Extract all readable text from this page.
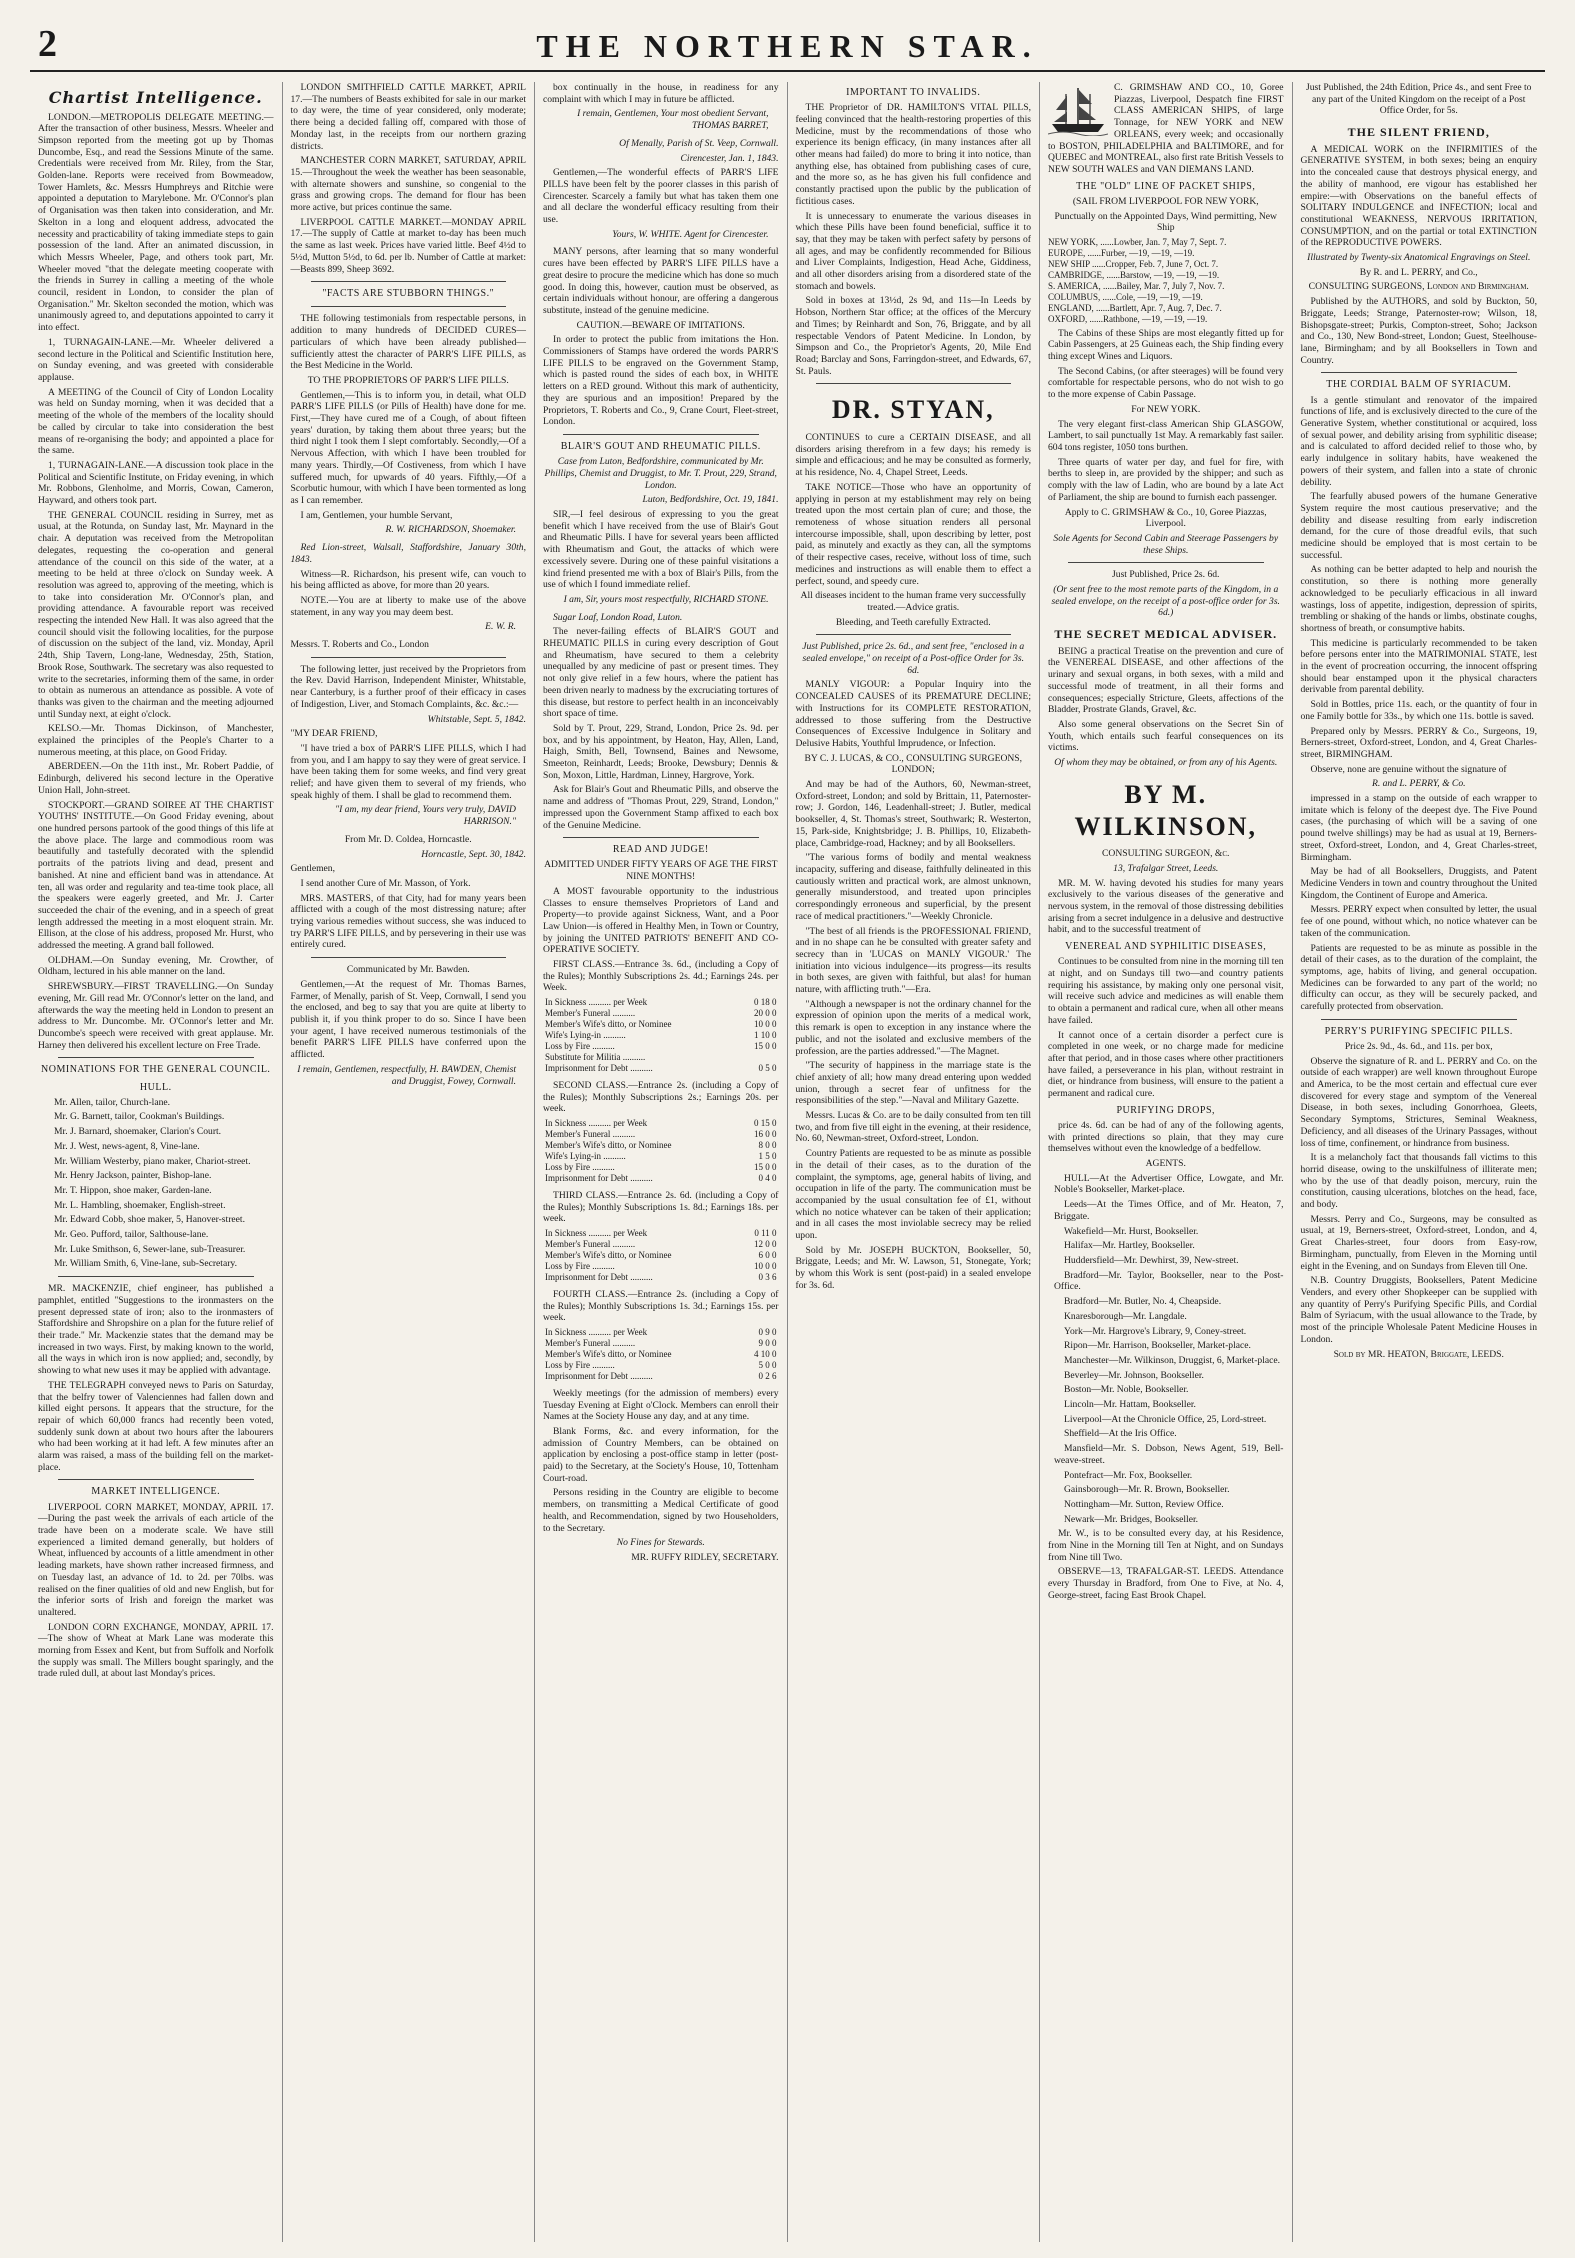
2	THE NORTHERN STAR.
Chartist Intelligence.

LONDON.—METROPOLIS DELEGATE MEETING.—After the transaction of other business, Messrs. Wheeler and Simpson reported from the meeting got up by Thomas Duncombe, Esq., and read the Sessions Minute of the same. Credentials were received from Mr. Riley, from the Star, Golden-lane. Reports were received from Bowmeadow, Tower Hamlets, &c. Messrs Humphreys and Ritchie were appointed a deputation to Marylebone. Mr. O'Connor's plan of Organisation was then taken into consideration, and Mr. Skelton in a long and eloquent address, advocated the necessity and practicability of taking immediate steps to gain possession of the land. After an animated discussion, in which Messrs Wheeler, Page, and others took part, Mr. Wheeler moved "that the delegate meeting cooperate with the friends in Surrey in calling a meeting of the whole council, resident in London, to consider the plan of Organisation." Mr. Skelton seconded the motion, which was unanimously agreed to, and deputations appointed to carry it into effect.

1, TURNAGAIN-LANE.—Mr. Wheeler delivered a second lecture in the Political and Scientific Institution here, on Sunday evening, and was greeted with considerable applause.

A MEETING of the Council of City of London Locality was held on Sunday morning, when it was decided that a meeting of the whole of the members of the locality should be called by circular to take into consideration the best means of re-organising the body; and appointed a place for the same.

1, TURNAGAIN-LANE.—A discussion took place in the Political and Scientific Institute, on Friday evening, in which Mr. Robbons, Glenholme, and Morris, Cowan, Cameron, Hayward, and others took part.

THE GENERAL COUNCIL residing in Surrey, met as usual, at the Rotunda, on Sunday last, Mr. Maynard in the chair. A deputation was received from the Metropolitan delegates, requesting the co-operation and general attendance of the council on this side of the water, at a meeting to be held at three o'clock on Sunday week. A resolution was agreed to, approving of the meeting, which is to take into consideration Mr. O'Connor's plan, and providing attendance. A favourable report was received respecting the intended New Hall. It was also agreed that the council should visit the following localities, for the purpose of discussion on the subject of the land, viz. Monday, April 24th, Ship Tavern, Long-lane, Wednesday, 25th, Station, Brook Rose, Southwark. The secretary was also requested to write to the secretaries, informing them of the same, in order to obtain as numerous an attendance as possible. A vote of thanks was given to the chairman and the meeting adjourned until Sunday next, at eight o'clock.

KELSO.—Mr. Thomas Dickinson, of Manchester, explained the principles of the People's Charter to a numerous meeting, at this place, on Good Friday.

ABERDEEN.—On the 11th inst., Mr. Robert Paddie, of Edinburgh, delivered his second lecture in the Operative Union Hall, John-street.

STOCKPORT.—GRAND SOIREE AT THE CHARTIST YOUTHS' INSTITUTE.—On Good Friday evening, about one hundred persons partook of the good things of this life at the above place. The large and commodious room was beautifully and tastefully decorated with the splendid portraits of the patriots living and dead, present and banished. At nine and efficient band was in attendance. At ten, all was order and regularity and tea-time took place, all the speakers were eagerly greeted, and Mr. J. Carter succeeded the chair of the evening, and in a speech of great length addressed the meeting in a most eloquent strain. Mr. Ellison, at the close of his address, proposed Mr. Hurst, who addressed the meeting. A grand ball followed.

OLDHAM.—On Sunday evening, Mr. Crowther, of Oldham, lectured in his able manner on the land.

SHREWSBURY.—FIRST TRAVELLING.—On Sunday evening, Mr. Gill read Mr. O'Connor's letter on the land, and afterwards the way the meeting held in London to present an address to Mr. Duncombe. Mr. O'Connor's letter and Mr. Duncombe's speech were received with great applause. Mr. Harney then delivered his excellent lecture on Free Trade.

NOMINATIONS FOR THE GENERAL COUNCIL.
HULL.

Mr. Allen, tailor, Church-lane.

Mr. G. Barnett, tailor, Cookman's Buildings.

Mr. J. Barnard, shoemaker, Clarion's Court.

Mr. J. West, news-agent, 8, Vine-lane.

Mr. William Westerby, piano maker, Chariot-street.

Mr. Henry Jackson, painter, Bishop-lane.

Mr. T. Hippon, shoe maker, Garden-lane.

Mr. L. Hambling, shoemaker, English-street.

Mr. Edward Cobb, shoe maker, 5, Hanover-street.

Mr. Geo. Pufford, tailor, Salthouse-lane.

Mr. Luke Smithson, 6, Sewer-lane, sub-Treasurer.

Mr. William Smith, 6, Vine-lane, sub-Secretary.

MR. MACKENZIE, chief engineer, has published a pamphlet, entitled "Suggestions to the ironmasters on the present depressed state of iron; also to the ironmasters of Staffordshire and Shropshire on a plan for the future relief of their trade." Mr. Mackenzie states that the demand may be increased in two ways. First, by making known to the world, all the ways in which iron is now applied; and, secondly, by showing to what new uses it may be applied with advantage.

THE TELEGRAPH conveyed news to Paris on Saturday, that the belfry tower of Valenciennes had fallen down and killed eight persons. It appears that the structure, for the repair of which 60,000 francs had recently been voted, suddenly sunk down at about two hours after the labourers who had been working at it had left. A few minutes after an alarm was raised, a mass of the building fell on the market-place.

MARKET INTELLIGENCE.

LIVERPOOL CORN MARKET, MONDAY, APRIL 17.—During the past week the arrivals of each article of the trade have been on a moderate scale. We have still experienced a limited demand generally, but holders of Wheat, influenced by accounts of a little amendment in other leading markets, have shown rather increased firmness, and on Tuesday last, an advance of 1d. to 2d. per 70lbs. was realised on the finer qualities of old and new English, but for the inferior sorts of Irish and foreign the market was unaltered.

LONDON CORN EXCHANGE, MONDAY, APRIL 17.—The show of Wheat at Mark Lane was moderate this morning from Essex and Kent, but from Suffolk and Norfolk the supply was small. The Millers bought sparingly, and the trade ruled dull, at about last Monday's prices.

LONDON SMITHFIELD CATTLE MARKET, APRIL 17.—The numbers of Beasts exhibited for sale in our market to day were, the time of year considered, only moderate; there being a decided falling off, compared with those of Monday last, in the receipts from our northern grazing districts.

MANCHESTER CORN MARKET, SATURDAY, APRIL 15.—Throughout the week the weather has been seasonable, with alternate showers and sunshine, so congenial to the grass and growing crops. The demand for flour has been more active, but prices continue the same.

LIVERPOOL CATTLE MARKET.—MONDAY APRIL 17.—The supply of Cattle at market to-day has been much the same as last week. Prices have varied little. Beef 4½d to 5½d, Mutton 5½d, to 6d. per lb. Number of Cattle at market:—Beasts 899, Sheep 3692.

"FACTS ARE STUBBORN THINGS."

THE following testimonials from respectable persons, in addition to many hundreds of DECIDED CURES—particulars of which have been already published—sufficiently attest the character of PARR'S LIFE PILLS, as the Best Medicine in the World.

TO THE PROPRIETORS OF PARR'S LIFE PILLS.

Gentlemen,—This is to inform you, in detail, what OLD PARR'S LIFE PILLS (or Pills of Health) have done for me. First,—They have cured me of a Cough, of about fifteen years' duration, by taking them about three years; but the third night I took them I slept comfortably. Secondly,—Of a Nervous Affection, with which I have been troubled for many years. Thirdly,—Of Costiveness, from which I have suffered much, for upwards of 40 years. Fifthly,—Of a Scorbutic humour, with which I have been tormented as long as I can remember.

I am, Gentlemen, your humble Servant,

R. W. RICHARDSON, Shoemaker.

Red Lion-street, Walsall, Staffordshire, January 30th, 1843.

Witness—R. Richardson, his present wife, can vouch to his being afflicted as above, for more than 20 years.

NOTE.—You are at liberty to make use of the above statement, in any way you may deem best.

E. W. R.

Messrs. T. Roberts and Co., London

The following letter, just received by the Proprietors from the Rev. David Harrison, Independent Minister, Whitstable, near Canterbury, is a further proof of their efficacy in cases of Indigestion, Liver, and Stomach Complaints, &c. &c.:—

Whitstable, Sept. 5, 1842.

"MY DEAR FRIEND,

"I have tried a box of PARR'S LIFE PILLS, which I had from you, and I am happy to say they were of great service. I have been taking them for some weeks, and find very great relief; and have given them to several of my friends, who speak highly of them. I shall be glad to recommend them.

"I am, my dear friend, Yours very truly, DAVID HARRISON."

From Mr. D. Coldea, Horncastle.

Horncastle, Sept. 30, 1842.

Gentlemen,

I send another Cure of Mr. Masson, of York.

MRS. MASTERS, of that City, had for many years been afflicted with a cough of the most distressing nature; after trying various remedies without success, she was induced to try PARR'S LIFE PILLS, and by persevering in their use was entirely cured.

Communicated by Mr. Bawden.

Gentlemen,—At the request of Mr. Thomas Barnes, Farmer, of Menally, parish of St. Veep, Cornwall, I send you the enclosed, and beg to say that you are quite at liberty to publish it, if you think proper to do so. Since I have been your agent, I have received numerous testimonials of the benefit PARR'S LIFE PILLS have conferred upon the afflicted.

I remain, Gentlemen, respectfully, H. BAWDEN, Chemist and Druggist, Fowey, Cornwall.

box continually in the house, in readiness for any complaint with which I may in future be afflicted.

I remain, Gentlemen, Your most obedient Servant, THOMAS BARRET,

Of Menally, Parish of St. Veep, Cornwall.

Cirencester, Jan. 1, 1843.

Gentlemen,—The wonderful effects of PARR'S LIFE PILLS have been felt by the poorer classes in this parish of Cirencester. Scarcely a family but what has taken them one and all declare the wonderful efficacy resulting from their use.

Yours, W. WHITE. Agent for Cirencester.

MANY persons, after learning that so many wonderful cures have been effected by PARR'S LIFE PILLS have a great desire to procure the medicine which has done so much good. In doing this, however, caution must be observed, as certain individuals without honour, are offering a dangerous substitute, instead of the genuine medicine.

CAUTION.—BEWARE OF IMITATIONS.

In order to protect the public from imitations the Hon. Commissioners of Stamps have ordered the words PARR'S LIFE PILLS to be engraved on the Government Stamp, which is pasted round the sides of each box, in WHITE letters on a RED ground. Without this mark of authenticity, they are spurious and an imposition! Prepared by the Proprietors, T. Roberts and Co., 9, Crane Court, Fleet-street, London.

BLAIR'S GOUT AND RHEUMATIC PILLS.

Case from Luton, Bedfordshire, communicated by Mr. Phillips, Chemist and Druggist, to Mr. T. Prout, 229, Strand, London.

Luton, Bedfordshire, Oct. 19, 1841.

SIR,—I feel desirous of expressing to you the great benefit which I have received from the use of Blair's Gout and Rheumatic Pills. I have for several years been afflicted with Rheumatism and Gout, the attacks of which were excessively severe. During one of these painful visitations a kind friend presented me with a box of Blair's Pills, from the use of which I found immediate relief.

I am, Sir, yours most respectfully, RICHARD STONE.

Sugar Loaf, London Road, Luton.

The never-failing effects of BLAIR'S GOUT and RHEUMATIC PILLS in curing every description of Gout and Rheumatism, have secured to them a celebrity unequalled by any medicine of past or present times. They not only give relief in a few hours, where the patient has been driven nearly to madness by the excruciating tortures of this disease, but restore to perfect health in an inconceivably short space of time.

Sold by T. Prout, 229, Strand, London, Price 2s. 9d. per box, and by his appointment, by Heaton, Hay, Allen, Land, Haigh, Smith, Bell, Townsend, Baines and Newsome, Smeeton, Reinhardt, Leeds; Brooke, Dewsbury; Dennis & Son, Moxon, Little, Hardman, Linney, Hargrove, York.

Ask for Blair's Gout and Rheumatic Pills, and observe the name and address of "Thomas Prout, 229, Strand, London," impressed upon the Government Stamp affixed to each box of the Genuine Medicine.

READ AND JUDGE!

ADMITTED UNDER FIFTY YEARS OF AGE THE FIRST NINE MONTHS!

A MOST favourable opportunity to the industrious Classes to ensure themselves Proprietors of Land and Property—to provide against Sickness, Want, and a Poor Law Union—is offered in Healthy Men, in Town or Country, by joining the UNITED PATRIOTS' BENEFIT AND CO-OPERATIVE SOCIETY.

FIRST CLASS.—Entrance 3s. 6d., (including a Copy of the Rules); Monthly Subscriptions 2s. 4d.; Earnings 24s. per Week.

In Sickness .......... per Week	0 18 0
Member's Funeral ..........	20 0 0
Member's Wife's ditto, or Nominee	10 0 0
Wife's Lying-in ..........	1 10 0
Loss by Fire ..........	15 0 0
Substitute for Militia ..........	
Imprisonment for Debt ..........	0 5 0

SECOND CLASS.—Entrance 2s. (including a Copy of the Rules); Monthly Subscriptions 2s.; Earnings 20s. per week.

In Sickness .......... per Week	0 15 0
Member's Funeral ..........	16 0 0
Member's Wife's ditto, or Nominee	8 0 0
Wife's Lying-in ..........	1 5 0
Loss by Fire ..........	15 0 0
Imprisonment for Debt ..........	0 4 0

THIRD CLASS.—Entrance 2s. 6d. (including a Copy of the Rules); Monthly Subscriptions 1s. 8d.; Earnings 18s. per week.

In Sickness .......... per Week	0 11 0
Member's Funeral ..........	12 0 0
Member's Wife's ditto, or Nominee	6 0 0
Loss by Fire ..........	10 0 0
Imprisonment for Debt ..........	0 3 6

FOURTH CLASS.—Entrance 2s. (including a Copy of the Rules); Monthly Subscriptions 1s. 3d.; Earnings 15s. per week.

In Sickness .......... per Week	0 9 0
Member's Funeral ..........	9 0 0
Member's Wife's ditto, or Nominee	4 10 0
Loss by Fire ..........	5 0 0
Imprisonment for Debt ..........	0 2 6

Weekly meetings (for the admission of members) every Tuesday Evening at Eight o'Clock. Members can enroll their Names at the Society House any day, and at any time.

Blank Forms, &c. and every information, for the admission of Country Members, can be obtained on application by enclosing a post-office stamp in letter (post-paid) to the Secretary, at the Society's House, 10, Tottenham Court-road.

Persons residing in the Country are eligible to become members, on transmitting a Medical Certificate of good health, and Recommendation, signed by two Householders, to the Secretary.

No Fines for Stewards.

MR. RUFFY RIDLEY, SECRETARY.

IMPORTANT TO INVALIDS.

THE Proprietor of DR. HAMILTON'S VITAL PILLS, feeling convinced that the health-restoring properties of this Medicine, must by the recommendations of those who experience its benign efficacy, (in many instances after all other means had failed) do more to bring it into notice, than anything else, has obtained from publishing cases of cure, and the more so, as he has given his full confidence and constantly practised upon the public by the publication of fictitious cases.

It is unnecessary to enumerate the various diseases in which these Pills have been found beneficial, suffice it to say, that they may be taken with perfect safety by persons of all ages, and may be confidently recommended for Bilious and Liver Complaints, Indigestion, Head Ache, Giddiness, and all other disorders arising from a disordered state of the stomach and bowels.

Sold in boxes at 13½d, 2s 9d, and 11s—In Leeds by Hobson, Northern Star office; at the offices of the Mercury and Times; by Reinhardt and Son, 76, Briggate, and by all respectable Vendors of Patent Medicine. In London, by Simpson and Co., the Proprietor's Agents, 20, Mile End Road; Barclay and Sons, Farringdon-street, and Edwards, 67, St. Pauls.

DR. STYAN,

CONTINUES to cure a CERTAIN DISEASE, and all disorders arising therefrom in a few days; his remedy is simple and efficacious; and he may be consulted as formerly, at his residence, No. 4, Chapel Street, Leeds.

TAKE NOTICE—Those who have an opportunity of applying in person at my establishment may rely on being treated upon the most certain plan of cure; and those, the remoteness of whose situation renders all personal intercourse impossible, shall, upon describing by letter, post paid, as minutely and exactly as they can, all the symptoms of their respective cases, receive, without loss of time, such medicines and instructions as will enable them to effect a perfect, sound, and speedy cure.

All diseases incident to the human frame very successfully treated.—Advice gratis.

Bleeding, and Teeth carefully Extracted.

Just Published, price 2s. 6d., and sent free, "enclosed in a sealed envelope," on receipt of a Post-office Order for 3s. 6d.

MANLY VIGOUR: a Popular Inquiry into the CONCEALED CAUSES of its PREMATURE DECLINE; with Instructions for its COMPLETE RESTORATION, addressed to those suffering from the Destructive Consequences of Excessive Indulgence in Solitary and Delusive Habits, Youthful Imprudence, or Infection.

BY C. J. LUCAS, & CO., CONSULTING SURGEONS, LONDON;

And may be had of the Authors, 60, Newman-street, Oxford-street, London; and sold by Brittain, 11, Paternoster-row; J. Gordon, 146, Leadenhall-street; J. Butler, medical bookseller, 4, St. Thomas's street, Southwark; R. Westerton, 15, Park-side, Knightsbridge; J. B. Phillips, 10, Elizabeth-place, Cambridge-road, Hackney; and by all Booksellers.

"The various forms of bodily and mental weakness incapacity, suffering and disease, faithfully delineated in this cautiously written and practical work, are almost unknown, generally misunderstood, and treated upon principles correspondingly erroneous and superficial, by the present race of medical practitioners."—Weekly Chronicle.

"The best of all friends is the PROFESSIONAL FRIEND, and in no shape can he be consulted with greater safety and secrecy than in 'LUCAS on MANLY VIGOUR.' The initiation into vicious indulgence—its progress—its results in both sexes, are given with faithful, but alas! for human nature, with afflicting truth."—Era.

"Although a newspaper is not the ordinary channel for the expression of opinion upon the merits of a medical work, this remark is open to exception in any instance where the public, and not the isolated and exclusive members of the profession, are the parties addressed."—The Magnet.

"The security of happiness in the marriage state is the chief anxiety of all; how many dread entering upon wedded union, through a secret fear of unfitness for the responsibilities of the step."—Naval and Military Gazette.

Messrs. Lucas & Co. are to be daily consulted from ten till two, and from five till eight in the evening, at their residence, No. 60, Newman-street, Oxford-street, London.

Country Patients are requested to be as minute as possible in the detail of their cases, as to the duration of the complaint, the symptoms, age, general habits of living, and occupation in life of the party. The communication must be accompanied by the usual consultation fee of £1, without which no notice whatever can be taken of their application; and in all cases the most inviolable secrecy may be relied upon.

Sold by Mr. JOSEPH BUCKTON, Bookseller, 50, Briggate, Leeds; and Mr. W. Lawson, 51, Stonegate, York; by whom this Work is sent (post-paid) in a sealed envelope for 3s. 6d.

C. GRIMSHAW AND CO., 10, Goree Piazzas, Liverpool, Despatch fine FIRST CLASS AMERICAN SHIPS, of large Tonnage, for NEW YORK and NEW ORLEANS, every week; and occasionally to BOSTON, PHILADELPHIA and BALTIMORE, and for QUEBEC and MONTREAL, also first rate British Vessels to NEW SOUTH WALES and VAN DIEMANS LAND.

THE "OLD" LINE OF PACKET SHIPS,

(SAIL FROM LIVERPOOL FOR NEW YORK,

Punctually on the Appointed Days, Wind permitting, New Ship

NEW YORK, ......Lowber, Jan. 7, May 7, Sept. 7.
EUROPE, ......Furber, —19, —19, —19.
NEW SHIP ......Cropper, Feb. 7, June 7, Oct. 7.
CAMBRIDGE, ......Barstow, —19, —19, —19.
S. AMERICA, ......Bailey, Mar. 7, July 7, Nov. 7.
COLUMBUS, ......Cole, —19, —19, —19.
ENGLAND, ......Bartlett, Apr. 7, Aug. 7, Dec. 7.
OXFORD, ......Rathbone, —19, —19, —19.

The Cabins of these Ships are most elegantly fitted up for Cabin Passengers, at 25 Guineas each, the Ship finding every thing except Wines and Liquors.

The Second Cabins, (or after steerages) will be found very comfortable for respectable persons, who do not wish to go to the more expense of Cabin Passage.

For NEW YORK.

The very elegant first-class American Ship GLASGOW, Lambert, to sail punctually 1st May. A remarkably fast sailer. 604 tons register, 1050 tons burthen.

Three quarts of water per day, and fuel for fire, with berths to sleep in, are provided by the shipper; and such as comply with the law of Ladin, who are bound by a late Act of Parliament, the ship are bound to furnish each passenger.

Apply to C. GRIMSHAW & Co., 10, Goree Piazzas, Liverpool.

Sole Agents for Second Cabin and Steerage Passengers by these Ships.

Just Published, Price 2s. 6d.

(Or sent free to the most remote parts of the Kingdom, in a sealed envelope, on the receipt of a post-office order for 3s. 6d.)

THE SECRET MEDICAL ADVISER.

BEING a practical Treatise on the prevention and cure of the VENEREAL DISEASE, and other affections of the urinary and sexual organs, in both sexes, with a mild and successful mode of treatment, in all their forms and consequences; especially Stricture, Gleets, affections of the Bladder, Prostrate Glands, Gravel, &c.

Also some general observations on the Secret Sin of Youth, which entails such fearful consequences on its victims.

Of whom they may be obtained, or from any of his Agents.

BY M. WILKINSON,

CONSULTING SURGEON, &c.

13, Trafalgar Street, Leeds.

MR. M. W. having devoted his studies for many years exclusively to the various diseases of the generative and nervous system, in the removal of those distressing debilities arising from a secret indulgence in a delusive and destructive habit, and to the successful treatment of

VENEREAL AND SYPHILITIC DISEASES,

Continues to be consulted from nine in the morning till ten at night, and on Sundays till two—and country patients requiring his assistance, by making only one personal visit, will receive such advice and medicines as will enable them to obtain a permanent and radical cure, when all other means have failed.

It cannot once of a certain disorder a perfect cure is completed in one week, or no charge made for medicine after that period, and in those cases where other practitioners have failed, a perseverance in his plan, without restraint in diet, or hindrance from business, will ensure to the patient a permanent and radical cure.

PURIFYING DROPS,

price 4s. 6d. can be had of any of the following agents, with printed directions so plain, that they may cure themselves without even the knowledge of a bedfellow.

AGENTS.

HULL—At the Advertiser Office, Lowgate, and Mr. Noble's Bookseller, Market-place.

Leeds—At the Times Office, and of Mr. Heaton, 7, Briggate.

Wakefield—Mr. Hurst, Bookseller.

Halifax—Mr. Hartley, Bookseller.

Huddersfield—Mr. Dewhirst, 39, New-street.

Bradford—Mr. Taylor, Bookseller, near to the Post-Office.

Bradford—Mr. Butler, No. 4, Cheapside.

Knaresborough—Mr. Langdale.

York—Mr. Hargrove's Library, 9, Coney-street.

Ripon—Mr. Harrison, Bookseller, Market-place.

Manchester—Mr. Wilkinson, Druggist, 6, Market-place.

Beverley—Mr. Johnson, Bookseller.

Boston—Mr. Noble, Bookseller.

Lincoln—Mr. Hattam, Bookseller.

Liverpool—At the Chronicle Office, 25, Lord-street.

Sheffield—At the Iris Office.

Mansfield—Mr. S. Dobson, News Agent, 519, Bell-weave-street.

Pontefract—Mr. Fox, Bookseller.

Gainsborough—Mr. R. Brown, Bookseller.

Nottingham—Mr. Sutton, Review Office.

Newark—Mr. Bridges, Bookseller.

Mr. W., is to be consulted every day, at his Residence, from Nine in the Morning till Ten at Night, and on Sundays from Nine till Two.

OBSERVE—13, TRAFALGAR-ST. LEEDS. Attendance every Thursday in Bradford, from One to Five, at No. 4, George-street, facing East Brook Chapel.

Just Published, the 24th Edition, Price 4s., and sent Free to any part of the United Kingdom on the receipt of a Post Office Order, for 5s.

THE SILENT FRIEND,

A MEDICAL WORK on the INFIRMITIES of the GENERATIVE SYSTEM, in both sexes; being an enquiry into the concealed cause that destroys physical energy, and the ability of manhood, ere vigour has established her empire:—with Observations on the baneful effects of SOLITARY INDULGENCE and INFECTION; local and constitutional WEAKNESS, NERVOUS IRRITATION, CONSUMPTION, and on the partial or total EXTINCTION of the REPRODUCTIVE POWERS.

Illustrated by Twenty-six Anatomical Engravings on Steel.

By R. and L. PERRY, and Co.,

CONSULTING SURGEONS, London and Birmingham.

Published by the AUTHORS, and sold by Buckton, 50, Briggate, Leeds; Strange, Paternoster-row; Wilson, 18, Bishopsgate-street; Purkis, Compton-street, Soho; Jackson and Co., 130, New Bond-street, London; Guest, Steelhouse-lane, Birmingham; and by all Booksellers in Town and Country.

THE CORDIAL BALM OF SYRIACUM.

Is a gentle stimulant and renovator of the impaired functions of life, and is exclusively directed to the cure of the Generative System, whether constitutional or acquired, loss of sexual power, and debility arising from syphilitic disease; and is calculated to afford decided relief to those who, by early indulgence in solitary habits, have weakened the powers of their system, and fallen into a state of chronic debility.

The fearfully abused powers of the humane Generative System require the most cautious preservative; and the debility and disease resulting from early indiscretion demand, for the cure of those dreadful evils, that such medicine should be employed that is most certain to be successful.

As nothing can be better adapted to help and nourish the constitution, so there is nothing more generally acknowledged to be peculiarly efficacious in all inward wastings, loss of appetite, indigestion, depression of spirits, trembling or shaking of the hands or limbs, obstinate coughs, shortness of breath, or consumptive habits.

This medicine is particularly recommended to be taken before persons enter into the MATRIMONIAL STATE, lest in the event of procreation occurring, the innocent offspring should bear enstamped upon it the physical characters derivable from parental debility.

Sold in Bottles, price 11s. each, or the quantity of four in one Family bottle for 33s., by which one 11s. bottle is saved.

Prepared only by Messrs. PERRY & Co., Surgeons, 19, Berners-street, Oxford-street, London, and 4, Great Charles-street, BIRMINGHAM.

Observe, none are genuine without the signature of

R. and L. PERRY, & Co.

impressed in a stamp on the outside of each wrapper to imitate which is felony of the deepest dye. The Five Pound cases, (the purchasing of which will be a saving of one pound twelve shillings) may be had as usual at 19, Berners-street, Oxford-street, London, and 4, Great Charles-street, Birmingham.

May be had of all Booksellers, Druggists, and Patent Medicine Venders in town and country throughout the United Kingdom, the Continent of Europe and America.

Messrs. PERRY expect when consulted by letter, the usual fee of one pound, without which, no notice whatever can be taken of the communication.

Patients are requested to be as minute as possible in the detail of their cases, as to the duration of the complaint, the symptoms, age, habits of living, and general occupation. Medicines can be forwarded to any part of the world; no difficulty can occur, as they will be securely packed, and carefully protected from observation.

PERRY'S PURIFYING SPECIFIC PILLS.

Price 2s. 9d., 4s. 6d., and 11s. per box,

Observe the signature of R. and L. PERRY and Co. on the outside of each wrapper) are well known throughout Europe and America, to be the most certain and effectual cure ever discovered for every stage and symptom of the Venereal Disease, in both sexes, including Gonorrhoea, Gleets, Secondary Symptoms, Strictures, Seminal Weakness, Deficiency, and all diseases of the Urinary Passages, without loss of time, confinement, or hindrance from business.

It is a melancholy fact that thousands fall victims to this horrid disease, owing to the unskilfulness of illiterate men; who by the use of that deadly poison, mercury, ruin the constitution, causing ulcerations, blotches on the head, face, and body.

Messrs. Perry and Co., Surgeons, may be consulted as usual, at 19, Berners-street, Oxford-street, London, and 4, Great Charles-street, four doors from Easy-row, Birmingham, punctually, from Eleven in the Morning until eight in the Evening, and on Sundays from Eleven till One.

N.B. Country Druggists, Booksellers, Patent Medicine Venders, and every other Shopkeeper can be supplied with any quantity of Perry's Purifying Specific Pills, and Cordial Balm of Syriacum, with the usual allowance to the Trade, by most of the principle Wholesale Patent Medicine Houses in London.

Sold by MR. HEATON, Briggate, LEEDS.
